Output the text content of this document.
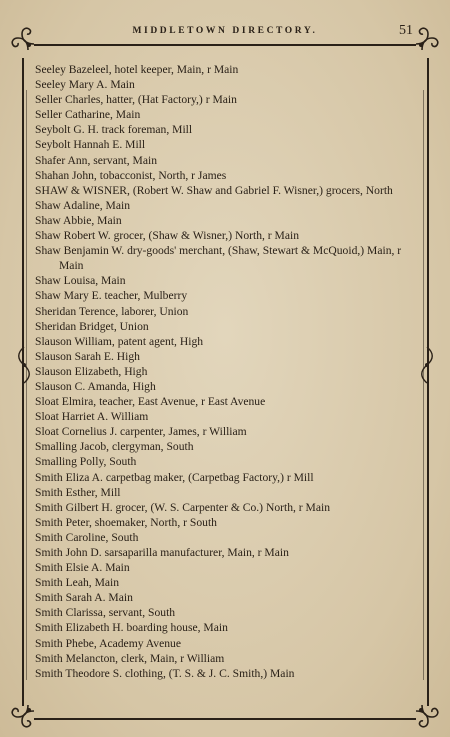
MIDDLETOWN DIRECTORY.	51
Seeley Bazeleel, hotel keeper, Main, r Main
Seeley Mary A. Main
Seller Charles, hatter, (Hat Factory,) r Main
Seller Catharine, Main
Seybolt G. H. track foreman, Mill
Seybolt Hannah E. Mill
Shafer Ann, servant, Main
Shahan John, tobacconist, North, r James
SHAW & WISNER, (Robert W. Shaw and Gabriel F. Wisner,) grocers, North
Shaw Adaline, Main
Shaw Abbie, Main
Shaw Robert W. grocer, (Shaw & Wisner,) North, r Main
Shaw Benjamin W. dry-goods' merchant, (Shaw, Stewart & McQuoid,) Main, r Main
Shaw Louisa, Main
Shaw Mary E. teacher, Mulberry
Sheridan Terence, laborer, Union
Sheridan Bridget, Union
Slauson William, patent agent, High
Slauson Sarah E. High
Slauson Elizabeth, High
Slauson C. Amanda, High
Sloat Elmira, teacher, East Avenue, r East Avenue
Sloat Harriet A. William
Sloat Cornelius J. carpenter, James, r William
Smalling Jacob, clergyman, South
Smalling Polly, South
Smith Eliza A. carpetbag maker, (Carpetbag Factory,) r Mill
Smith Esther, Mill
Smith Gilbert H. grocer, (W. S. Carpenter & Co.) North, r Main
Smith Peter, shoemaker, North, r South
Smith Caroline, South
Smith John D. sarsaparilla manufacturer, Main, r Main
Smith Elsie A. Main
Smith Leah, Main
Smith Sarah A. Main
Smith Clarissa, servant, South
Smith Elizabeth H. boarding house, Main
Smith Phebe, Academy Avenue
Smith Melancton, clerk, Main, r William
Smith Theodore S. clothing, (T. S. & J. C. Smith,) Main
